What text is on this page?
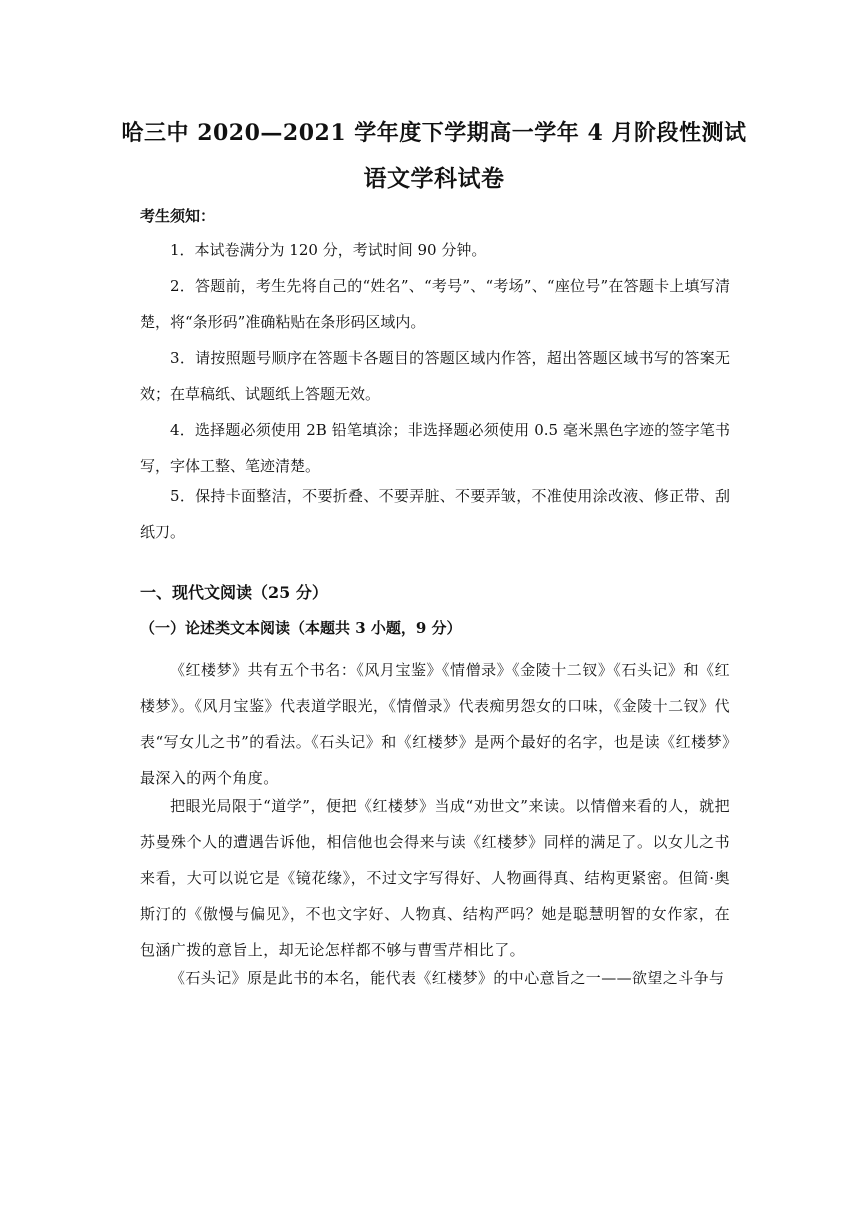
哈三中 2020—2021 学年度下学期高一学年 4 月阶段性测试
语文学科试卷
考生须知：

1．本试卷满分为 120 分，考试时间 90 分钟。

2．答题前，考生先将自己的“姓名”、“考号”、“考场”、“座位号”在答题卡上填写清楚，将“条形码”准确粘贴在条形码区域内。

3．请按照题号顺序在答题卡各题目的答题区域内作答，超出答题区域书写的答案无效；在草稿纸、试题纸上答题无效。

4．选择题必须使用 2B 铅笔填涂；非选择题必须使用 0.5 毫米黑色字迹的签字笔书写，字体工整、笔迹清楚。

5．保持卡面整洁，不要折叠、不要弄脏、不要弄皱，不准使用涂改液、修正带、刮纸刀。

一、现代文阅读（25 分）
（一）论述类文本阅读（本题共 3 小题，9 分）

《红楼梦》共有五个书名：《风月宝鉴》《情僧录》《金陵十二钗》《石头记》和《红楼梦》。《风月宝鉴》代表道学眼光，《情僧录》代表痴男怨女的口味，《金陵十二钗》代表“写女儿之书”的看法。《石头记》和《红楼梦》是两个最好的名字，也是读《红楼梦》最深入的两个角度。

把眼光局限于“道学”，便把《红楼梦》当成“劝世文”来读。以情僧来看的人，就把苏曼殊个人的遭遇告诉他，相信他也会得来与读《红楼梦》同样的满足了。以女儿之书来看，大可以说它是《镜花缘》，不过文字写得好、人物画得真、结构更紧密。但简·奥斯汀的《傲慢与偏见》，不也文字好、人物真、结构严吗？她是聪慧明智的女作家，在包涵广拨的意旨上，却无论怎样都不够与曹雪芹相比了。

《石头记》原是此书的本名，能代表《红楼梦》的中心意旨之一——欲望之斗争与
